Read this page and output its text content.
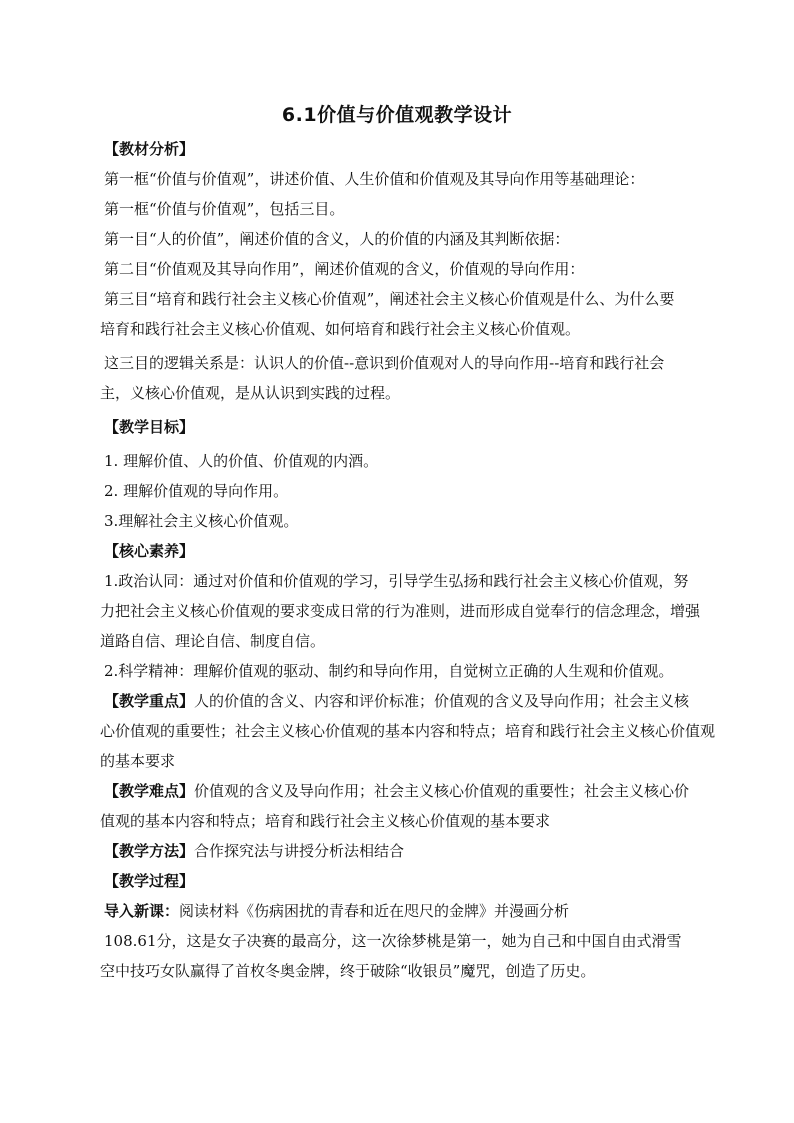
6.1价值与价值观教学设计

【教材分析】

第一框“价值与价值观”，讲述价值、人生价值和价值观及其导向作用等基础理论：

第一框“价值与价值观”，包括三目。

第一目“人的价值”，阐述价值的含义，人的价值的内涵及其判断依据：

第二目“价值观及其导向作用”，阐述价值观的含义，价值观的导向作用：

第三目“培育和践行社会主义核心价值观”，阐述社会主义核心价值观是什么、为什么要

培育和践行社会主义核心价值观、如何培育和践行社会主义核心价值观。

这三目的逻辑关系是：认识人的价值--意识到价值观对人的导向作用--培育和践行社会

主，义核心价值观，是从认识到实践的过程。

【教学目标】

1. 理解价值、人的价值、价值观的内酒。

2. 理解价值观的导向作用。

3.理解社会主义核心价值观。

【核心素养】

1.政治认同：通过对价值和价值观的学习，引导学生弘扬和践行社会主义核心价值观，努

力把社会主义核心价值观的要求变成日常的行为准则，进而形成自觉奉行的信念理念，增强

道路自信、理论自信、制度自信。

2.科学精神：理解价值观的驱动、制约和导向作用，自觉树立正确的人生观和价值观。

【教学重点】人的价值的含义、内容和评价标准；价值观的含义及导向作用；社会主义核

心价值观的重要性；社会主义核心价值观的基本内容和特点；培育和践行社会主义核心价值观

的基本要求

【教学难点】价值观的含义及导向作用；社会主义核心价值观的重要性；社会主义核心价

值观的基本内容和特点；培育和践行社会主义核心价值观的基本要求

【教学方法】合作探究法与讲授分析法相结合

【教学过程】

导入新课：阅读材料《伤病困扰的青春和近在咫尺的金牌》并漫画分析

108.61分，这是女子决赛的最高分，这一次徐梦桃是第一，她为自己和中国自由式滑雪

空中技巧女队赢得了首枚冬奥金牌，终于破除“收银员”魔咒，创造了历史。
